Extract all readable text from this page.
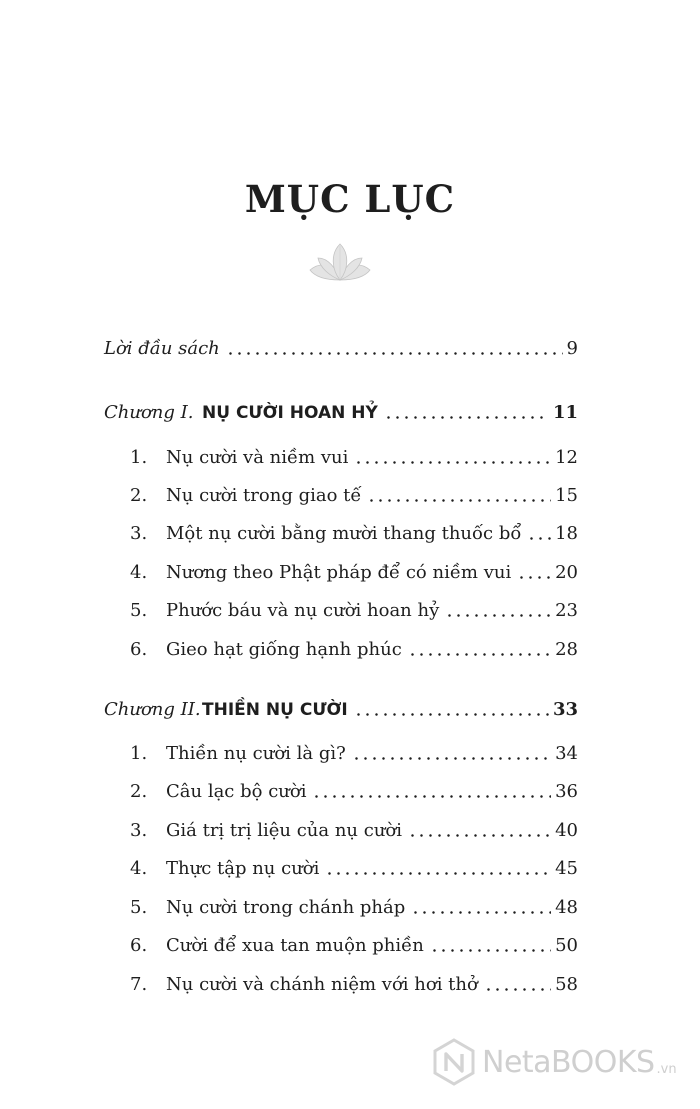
MỤC LỤC
Lời đầu sách	9
Chương I. NỤ CƯỜI HOAN HỶ	11
1.	Nụ cười và niềm vui	12
2.	Nụ cười trong giao tế	15
3.	Một nụ cười bằng mười thang thuốc bổ 18
4.	Nương theo Phật pháp để có niềm vui 20
5.	Phước báu và nụ cười hoan hỷ	23
6.	Gieo hạt giống hạnh phúc	28
Chương II. THIỀN NỤ CƯỜI	33
1.	Thiền nụ cười là gì?	34
2.	Câu lạc bộ cười	36
3.	Giá trị trị liệu của nụ cười	40
4.	Thực tập nụ cười	45
5.	Nụ cười trong chánh pháp	48
6.	Cười để xua tan muộn phiền	50
7.	Nụ cười và chánh niệm với hơi thở	58
NetaBOOKS .vn
